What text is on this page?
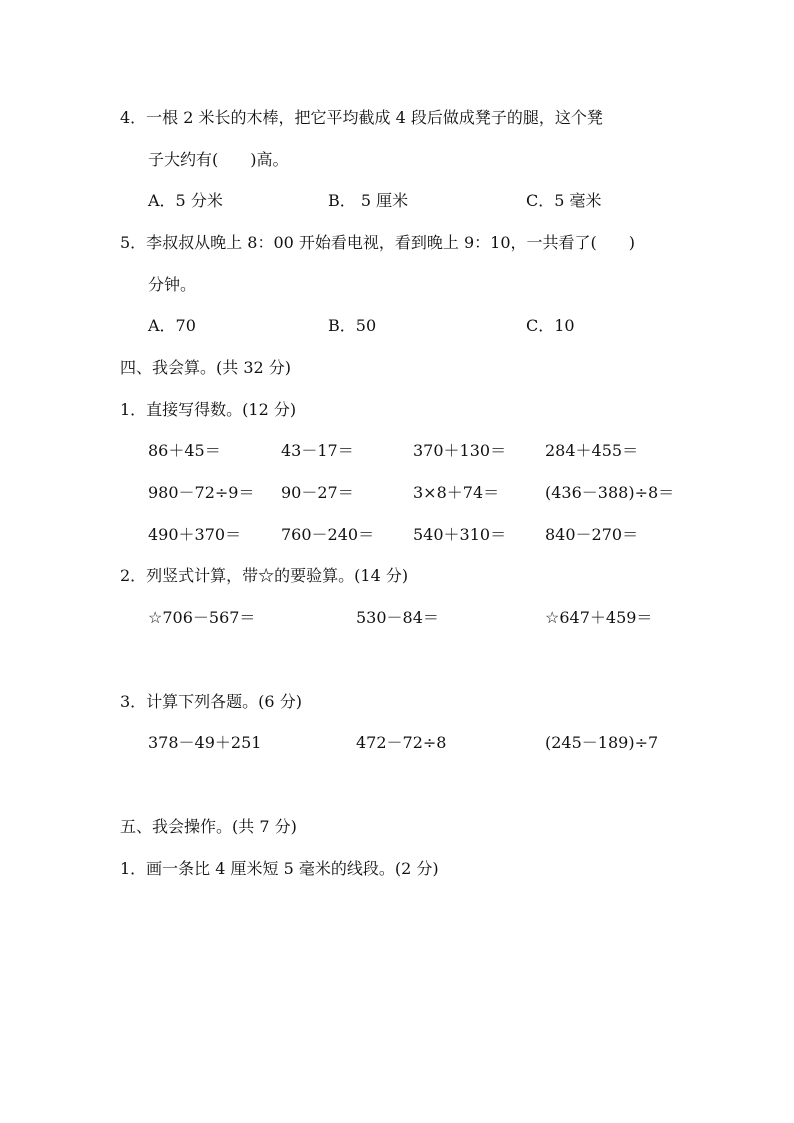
4．一根 2 米长的木棒，把它平均截成 4 段后做成凳子的腿，这个凳
子大约有(　　)高。
A．5 分米	B． 5 厘米	C．5 毫米
5．李叔叔从晚上 8：00 开始看电视，看到晚上 9：10，一共看了(　　)
分钟。
A．70	B．50	C．10
四、我会算。(共 32 分)
1．直接写得数。(12 分)
86＋45＝	43－17＝	370＋130＝ 284＋455＝
980－72÷9＝ 90－27＝	3×8＋74＝	(436－388)÷8＝
490＋370＝ 760－240＝ 540＋310＝ 840－270＝
2．列竖式计算，带☆的要验算。(14 分)
☆706－567＝	530－84＝	☆647＋459＝
3．计算下列各题。(6 分)
378－49＋251	472－72÷8	(245－189)÷7
五、我会操作。(共 7 分)
1．画一条比 4 厘米短 5 毫米的线段。(2 分)
